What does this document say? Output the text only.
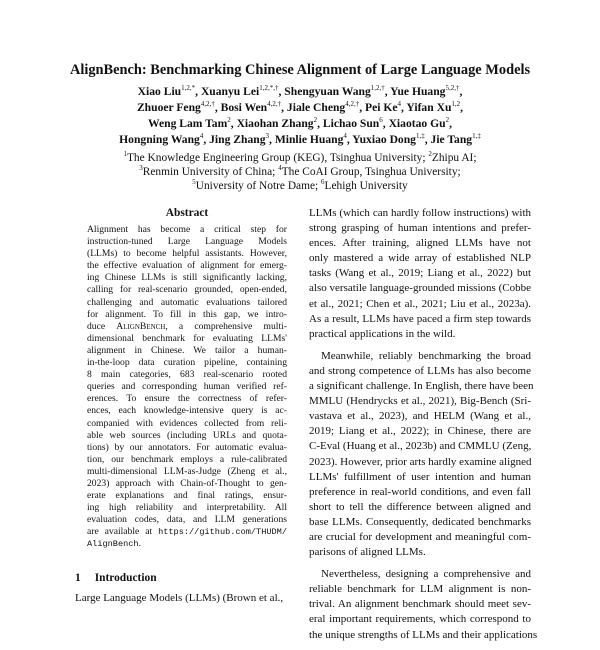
AlignBench: Benchmarking Chinese Alignment of Large Language Models
Xiao Liu$^{1,2,*}$, Xuanyu Lei$^{1,2,*,\dagger}$, Shengyuan Wang$^{1,2,\dagger}$, Yue Huang$^{5,2,\dagger}$,
Zhuoer Feng$^{4,2,\dagger}$, Bosi Wen$^{4,2,\dagger}$, Jiale Cheng$^{4,2,\dagger}$, Pei Ke$^4$, Yifan Xu$^{1,2}$,
Weng Lam Tam$^2$, Xiaohan Zhang$^2$, Lichao Sun$^6$, Xiaotao Gu$^2$,
Hongning Wang$^4$, Jing Zhang$^3$, Minlie Huang$^4$, Yuxiao Dong$^{1,\ddagger}$, Jie Tang$^{1,\ddagger}$
$^1$The Knowledge Engineering Group (KEG), Tsinghua University; $^2$Zhipu AI;
$^3$Renmin University of China; $^4$The CoAI Group, Tsinghua University;
$^5$University of Notre Dame; $^6$Lehigh University
Abstract
Alignment has become a critical step for
instruction-tuned Large Language Models
(LLMs) to become helpful assistants. However,
the effective evaluation of alignment for emerg-
ing Chinese LLMs is still significantly lacking,
calling for real-scenario grounded, open-ended,
challenging and automatic evaluations tailored
for alignment. To fill in this gap, we intro-
duce AlignBench, a comprehensive multi-
dimensional benchmark for evaluating LLMs'
alignment in Chinese. We tailor a human-
in-the-loop data curation pipeline, containing
8 main categories, 683 real-scenario rooted
queries and corresponding human verified ref-
erences. To ensure the correctness of refer-
ences, each knowledge-intensive query is ac-
companied with evidences collected from reli-
able web sources (including URLs and quota-
tions) by our annotators. For automatic evalua-
tion, our benchmark employs a rule-calibrated
multi-dimensional LLM-as-Judge (Zheng et al.,
2023) approach with Chain-of-Thought to gen-
erate explanations and final ratings, ensur-
ing high reliability and interpretability. All
evaluation codes, data, and LLM generations
are available at https://github.com/THUDM/
AlignBench.
1 Introduction
Large Language Models (LLMs) (Brown et al.,
LLMs (which can hardly follow instructions) with
strong grasping of human intentions and prefer-
ences. After training, aligned LLMs have not
only mastered a wide array of established NLP
tasks (Wang et al., 2019; Liang et al., 2022) but
also versatile language-grounded missions (Cobbe
et al., 2021; Chen et al., 2021; Liu et al., 2023a).
As a result, LLMs have paced a firm step towards
practical applications in the wild.
Meanwhile, reliably benchmarking the broad
and strong competence of LLMs has also become
a significant challenge. In English, there have been
MMLU (Hendrycks et al., 2021), Big-Bench (Sri-
vastava et al., 2023), and HELM (Wang et al.,
2019; Liang et al., 2022); in Chinese, there are
C-Eval (Huang et al., 2023b) and CMMLU (Zeng,
2023). However, prior arts hardly examine aligned
LLMs' fulfillment of user intention and human
preference in real-world conditions, and even fall
short to tell the difference between aligned and
base LLMs. Consequently, dedicated benchmarks
are crucial for development and meaningful com-
parisons of aligned LLMs.
Nevertheless, designing a comprehensive and
reliable benchmark for LLM alignment is non-
trival. An alignment benchmark should meet sev-
eral important requirements, which correspond to
the unique strengths of LLMs and their applications
